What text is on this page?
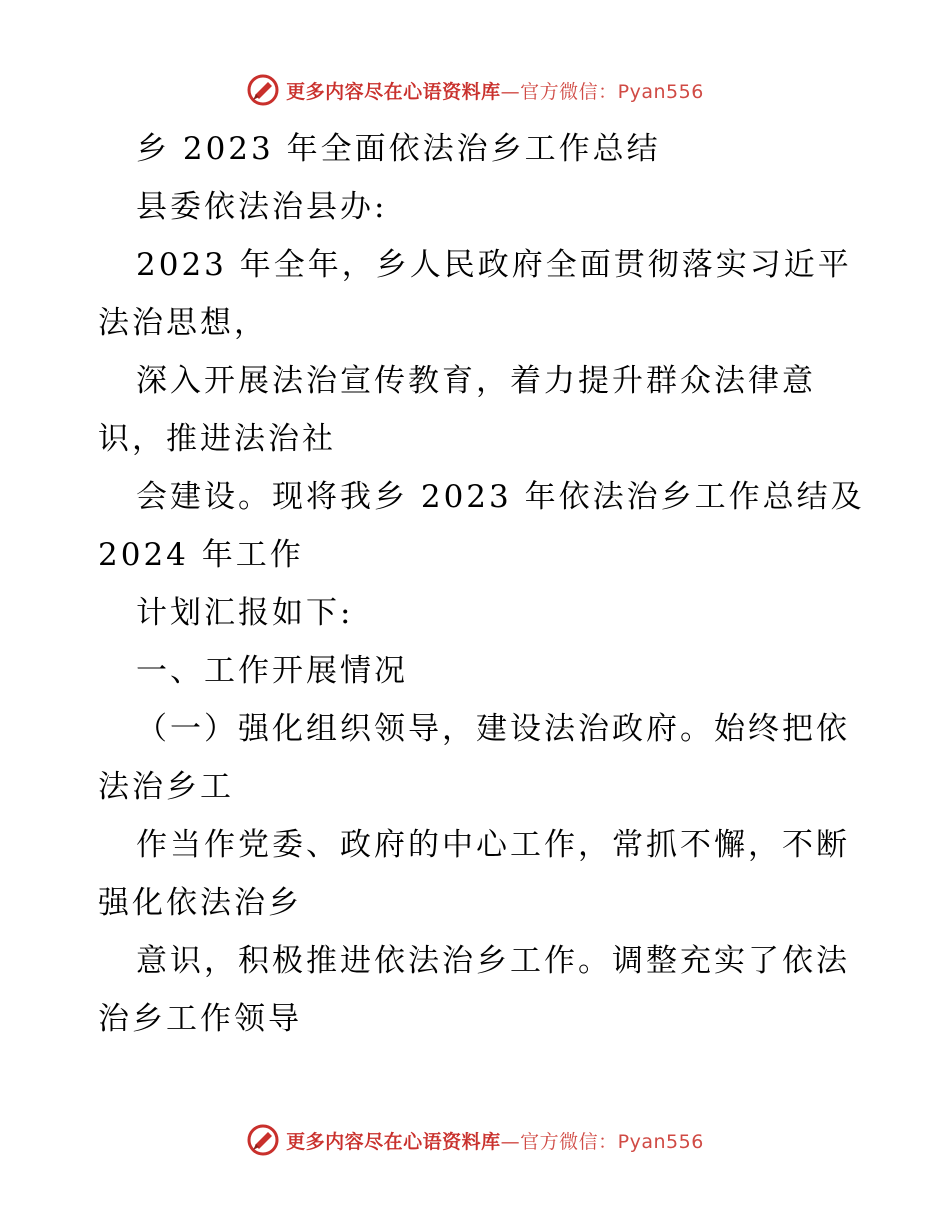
更多内容尽在心语资料库—官方微信：Pyan556
乡 2023 年全面依法治乡工作总结
县委依法治县办:
2023 年全年，乡人民政府全面贯彻落实习近平
法治思想，
深入开展法治宣传教育，着力提升群众法律意
识，推进法治社
会建设。现将我乡 2023 年依法治乡工作总结及
2024 年工作
计划汇报如下:
一、工作开展情况
（一）强化组织领导，建设法治政府。始终把依
法治乡工
作当作党委、政府的中心工作，常抓不懈，不断
强化依法治乡
意识，积极推进依法治乡工作。调整充实了依法
治乡工作领导
更多内容尽在心语资料库—官方微信：Pyan556
